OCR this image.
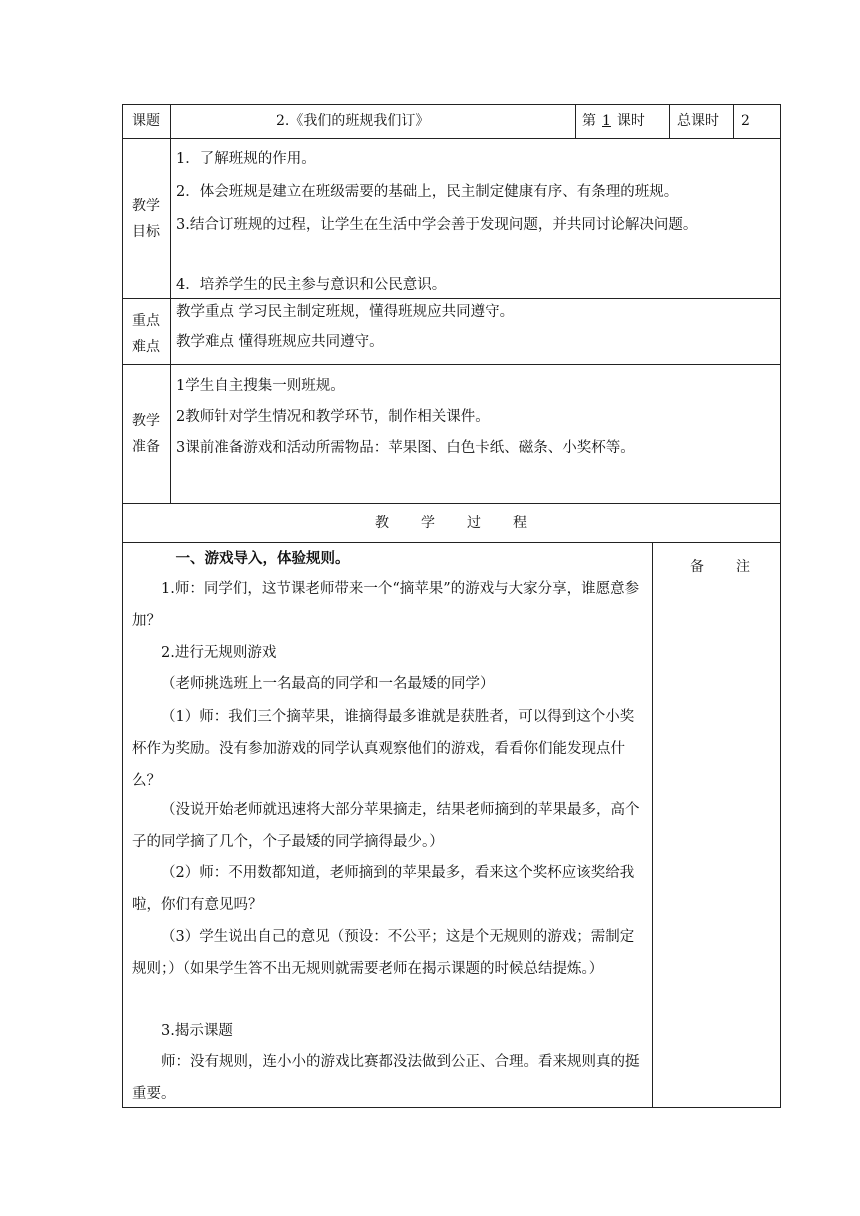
课题	2.《我们的班规我们订》	第 1 课时 总课时 2
教学
目标
1．了解班规的作用。
2．体会班规是建立在班级需要的基础上，民主制定健康有序、有条理的班规。
3.结合订班规的过程，让学生在生活中学会善于发现问题，并共同讨论解决问题。
4．培养学生的民主参与意识和公民意识。
重点
难点
教学重点 学习民主制定班规，懂得班规应共同遵守。
教学难点 懂得班规应共同遵守。
教学
准备
1学生自主搜集一则班规。
2教师针对学生情况和教学环节，制作相关课件。
3课前准备游戏和活动所需物品：苹果图、白色卡纸、磁条、小奖杯等。
教学过程
备注
一、游戏导入，体验规则。
1.师：同学们，这节课老师带来一个“摘苹果”的游戏与大家分享，谁愿意参加？
2.进行无规则游戏
（老师挑选班上一名最高的同学和一名最矮的同学）
（1）师：我们三个摘苹果，谁摘得最多谁就是获胜者，可以得到这个小奖杯作为奖励。没有参加游戏的同学认真观察他们的游戏，看看你们能发现点什么？
（没说开始老师就迅速将大部分苹果摘走，结果老师摘到的苹果最多，高个子的同学摘了几个，个子最矮的同学摘得最少。）
（2）师：不用数都知道，老师摘到的苹果最多，看来这个奖杯应该奖给我啦，你们有意见吗？
（3）学生说出自己的意见（预设：不公平；这是个无规则的游戏；需制定规则；）（如果学生答不出无规则就需要老师在揭示课题的时候总结提炼。）
3.揭示课题
师：没有规则，连小小的游戏比赛都没法做到公正、合理。看来规则真的挺重要。
